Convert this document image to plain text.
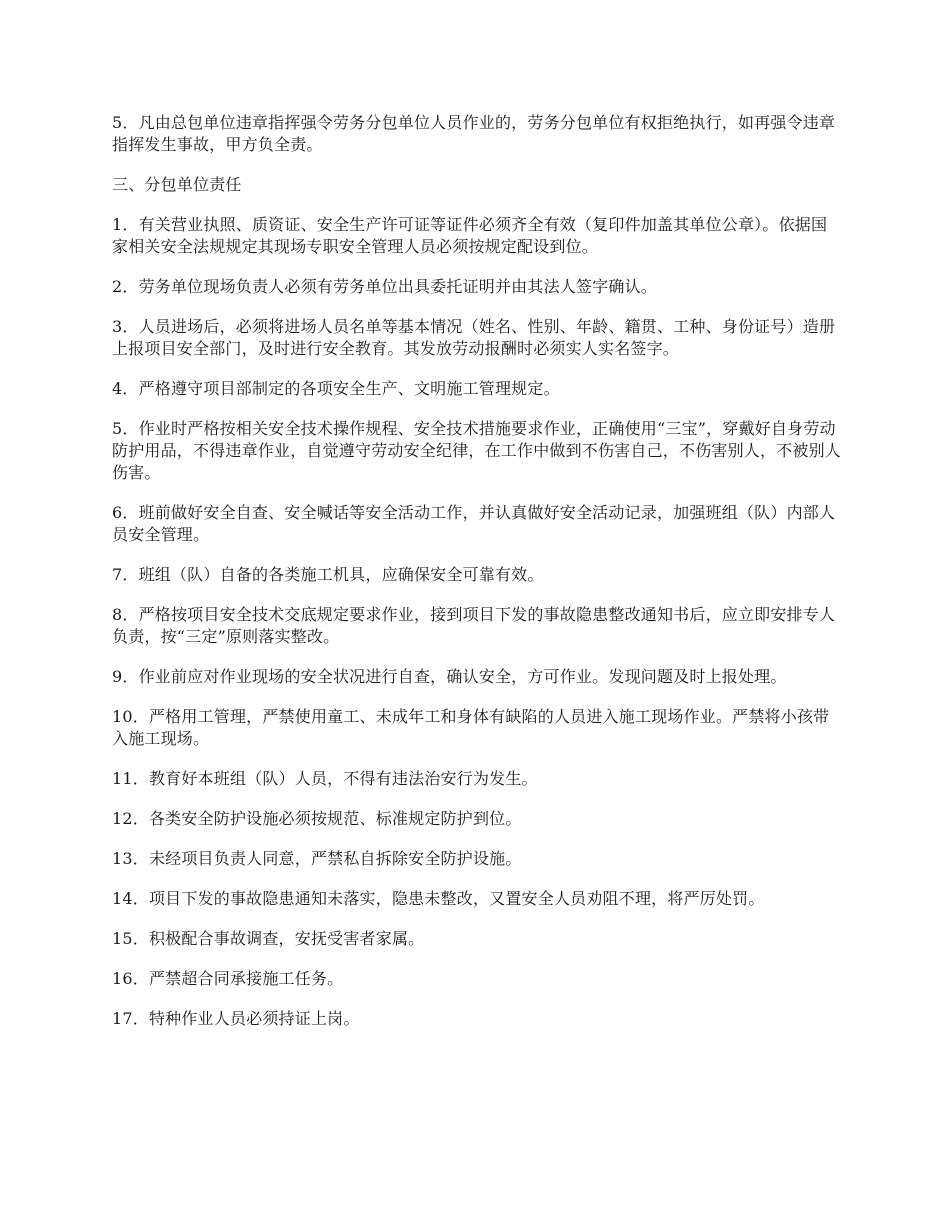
5．凡由总包单位违章指挥强令劳务分包单位人员作业的，劳务分包单位有权拒绝执行，如再强令违章指挥发生事故，甲方负全责。

三、分包单位责任

1．有关营业执照、质资证、安全生产许可证等证件必须齐全有效（复印件加盖其单位公章）。依据国家相关安全法规规定其现场专职安全管理人员必须按规定配设到位。

2．劳务单位现场负责人必须有劳务单位出具委托证明并由其法人签字确认。

3．人员进场后，必须将进场人员名单等基本情况（姓名、性别、年龄、籍贯、工种、身份证号）造册上报项目安全部门，及时进行安全教育。其发放劳动报酬时必须实人实名签字。

4．严格遵守项目部制定的各项安全生产、文明施工管理规定。

5．作业时严格按相关安全技术操作规程、安全技术措施要求作业，正确使用“三宝”，穿戴好自身劳动防护用品，不得违章作业，自觉遵守劳动安全纪律，在工作中做到不伤害自己，不伤害别人，不被别人伤害。

6．班前做好安全自查、安全喊话等安全活动工作，并认真做好安全活动记录，加强班组（队）内部人员安全管理。

7．班组（队）自备的各类施工机具，应确保安全可靠有效。

8．严格按项目安全技术交底规定要求作业，接到项目下发的事故隐患整改通知书后，应立即安排专人负责，按“三定”原则落实整改。

9．作业前应对作业现场的安全状况进行自查，确认安全，方可作业。发现问题及时上报处理。

10．严格用工管理，严禁使用童工、未成年工和身体有缺陷的人员进入施工现场作业。严禁将小孩带入施工现场。

11．教育好本班组（队）人员，不得有违法治安行为发生。

12．各类安全防护设施必须按规范、标准规定防护到位。

13．未经项目负责人同意，严禁私自拆除安全防护设施。

14．项目下发的事故隐患通知未落实，隐患未整改，又置安全人员劝阻不理，将严厉处罚。

15．积极配合事故调查，安抚受害者家属。

16．严禁超合同承接施工任务。

17．特种作业人员必须持证上岗。
